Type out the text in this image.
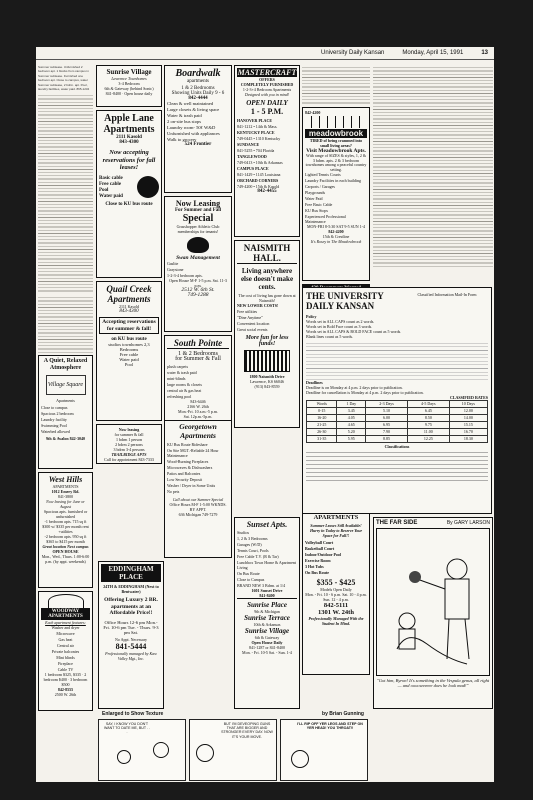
University Daily Kansan	Monday, April 15, 1991	13
Summer sublease. Unfurnished 2 bedroom apt. 1 blocks from campus in
Summer sublease. Furnished one bedroom apt. Close to campus, water
Summer sublease, 2 bdrm. apt. Pool, laundry facilities, water paid. 865-1234
A Quiet, Relaxed Atmosphere
Village Square
Apartments
Close to campus
Spacious 2 bedroom
Laundry facility
Swimming Pool
Waterbed allowed
9th & Avalon 842-3040
West Hills
APARTMENTS
1012 Emery Rd.
841-3800
Now leasing for June or August
Spacious apts. furnished or unfurnished
-1 bedroom apts. 715 sq ft $300 w/ $335 per month rent +utilities
-2 bedroom apts. 950 sq ft $365 to $415 per month
Great location Next campus
OPEN HOUSE
Mon., Wed., Thurs. 1:00-6:00 p.m. (by appt. weekends)
WOODWAY APARTMENTS
Each apartment features:
Washer and dryer
Microwave
Gas heat
Central air
Private balconies
Mini blinds
Fireplace
Cable TV
1 bedroom $325, $335 · 2 bedroom $400 · 3 bedroom $500
842-8555
2500 W. 26th
Sunrise Village
Lawrence Townhomes
3-4 Bedroom
6th & Gateway (behind Sonic)
841-8400 · Open house daily
Apple Lane Apartments
2111 Kasold
843-4300
Now accepting reservations for fall leases!
Basic cable
Free cable
Pool
Water paid
Close to KU bus route
Quail Creek Apartments
2111 Kasold
843-4300
Accepting reservations for summer & fall!
on KU bus route
studios townhomes 2,3 Bedrooms
Free cable
Water paid
Pool
Now leasing
for summer & fall
1 bdrm 1 person
2 bdrm 2 persons
3 bdrm 3-4 persons
TRAILRIDGE APTS
Call for appointment 843-7333
Boardwalk
apartments
1 & 2 Bedrooms
Showing Units Daily 9 - 6
842-4444
Clean & well maintained
Large closets & living space
Water & trash paid
2 on-site bus stops
Laundry room- 50¢ W&D
Unfurnished with appliances
Walk to grocery
524 Frontier
Now Leasing
For Summer and Fall
Special
Grasshopper Athletic Club memberships for tenants!
Swan Management
Gaslite
Graystone
1-2-3-4 bedroom apts.
Open House M-F 1-5 p.m. Sat. 11-3 p.m.
2512 W. 6th St.
749-1288
South Pointe
1 & 2 Bedrooms
for Summer & Fall
plush carpets
water & trash paid
mini-blinds
large rooms & closets
central air & gas heat
refreshing pool
843-6446
2166 W. 26th
Mon.-Fri. 10 a.m.-5 p.m.
Sat. 12p.m.-5p.m.
MASTERCRAFT
OFFERS
COMPLETELY FURNISHED
1-2-3+4 Bedroom Apartments
Designed with you in mind!
OPEN DAILY
1 - 5 P.M.
HANOVER PLACE
841-1212 • 14th & Mass.
KENTUCKY PLACE
749-0445 • 1310 Kentucky
SUNDANCE
841-5255 • 704 Florida
TANGLEWOOD
749-0413 • 10th & Arkansas
CAMPUS PLACE
841-1429 • 1145 Louisiana
ORCHARD CORNERS
749-4200 • 15th & Kasold
842-4455
NAISMITH HALL.
Living anywhere else doesn't make cents.
The cost of living has gone down at Naismith!
NEW LOWER COSTS!
Free utilities
"Dine Anytime"
Convenient location
Great social events
More fun for less funds!
1800 Naismith Drive
Lawrence, KS 66046
(913) 843-8559
Georgetown Apartments
KU Bus Route Rideshare
On Site MGT.-Reliable 24 Hour Maintenance
Wood-Burning Fireplaces
Microwaves & Dishwashers
Patios and Balconies
Low Security Deposit
Washer / Dryer in Some Units
No pets
Call about our Summer Special
Office Hours M-F 1-5:00 WKNDS. BY APPT.
636 Michigan 749-7279
EDDINGHAM PLACE
24TH & EDDINGHAM (Next to Bentwater)
Offering Luxury 2 BR. apartments at an Affordable Price!!
Office Hours 12-6 pm Mon.- Fri. 10-6 pm Tue. - Thurs. 9-3 pm Sat.
No Appt. Necessary
841-5444
Professionally managed by Kaw Valley Mgt., Inc.
Sunset Apts.
Studios
1, 2 & 3 Bedrooms
Garages (W/D)
Tennis Court, Pools
Free Cable T.V. (R & Tar)
Lunchbox Town Home & Apartment Living
On Bus Route
Close to Campus
BRAND NEW 3 Bdrm. at 1/4
1601 Sunset Drive
841-8400
Sunrise Place
9th & Michigan
Sunrise Terrace
10th & Arkansas
Sunrise Village
6th & Gateway
Open House Daily
841-1287 or 841-8400
Mon. - Fri. 10-5 Sat. - Sun. 1-4
842-4200
meadowbrook
TIRED of being crammed into small living areas?
Visit Meadowbrook Apts.
With range of SIZES & styles, 1, 2 & 3 bdrm. apts. 2 & 3 bedroom townhomes among a peaceful country setting.
Lighted Tennis Courts
Laundry Facilities in each building
Carports / Garages
Playgrounds
Water Paid
Free Basic Cable
KU Bus Stops
Experienced Professional Maintenance
MON-FRI 8-5:30 SAT 9-5 SUN 1-4
842-4200
15th & Crestline
It's Rosey in The Meadowbrook
APARTMENTS
Summer Leases Still Available! Hurry in Today to Reserve Your Space for Fall!!
Volleyball Court
Basketball Court
Indoor/Outdoor Pool
Exercise Room
3 Hot Tubs
On Bus Route
$355 - $425
Models Open Daily
Mon. - Fri. 10 - 6 p.m. Sat. 10 - 4 p.m. Sun. 12 - 4 p.m.
842-5111
1301 W. 24th
Professionally Managed With the Student In Mind.
THE UNIVERSITY DAILY KANSAN
Classified Information Mail-In Form
Policy
Words set in ALL CAPS count as 2 words.
Words set in Bold Face count as 3 words.
Words set in ALL CAPS & BOLD FACE count as 5 words.
Blank lines count as 5 words.
Deadlines
Deadline is on Monday at 4 p.m. 2 days prior to publication.
Deadline for cancellation is Monday at 4 p.m. 2 days prior to publication.
CLASSIFIED RATES
Words	1 Day	2-3 Days	4-5 Days	10 Days
0-15	3.45	5.10	6.45	12.00
16-20	4.05	6.00	8.50	14.00
21-25	4.65	6.95	9.75	15.15
26-30	5.20	7.90	11.00	16.70
31-35	5.95	8.85	12.25	18.30
Classifications
THE FAR SIDE	By GARY LARSON
"Got him, Byron! It's something in the Vespula genus, all right — and ooooweeeee does he look mad!"
Enlarged to Show Texture	by Brian Gunning
SAY, I KNOW YOU DON'T WANT TO DATE ME, BUT . . .
BUT I'M DEVEOPING GUNS THAT ARE BIGGER AND STRONGER EVERY DAY. NOW IT'S YOUR MOVE.
I'LL RIP OFF YER LEGS AND STEP ON YER HEAD! YOU THROAT!!
